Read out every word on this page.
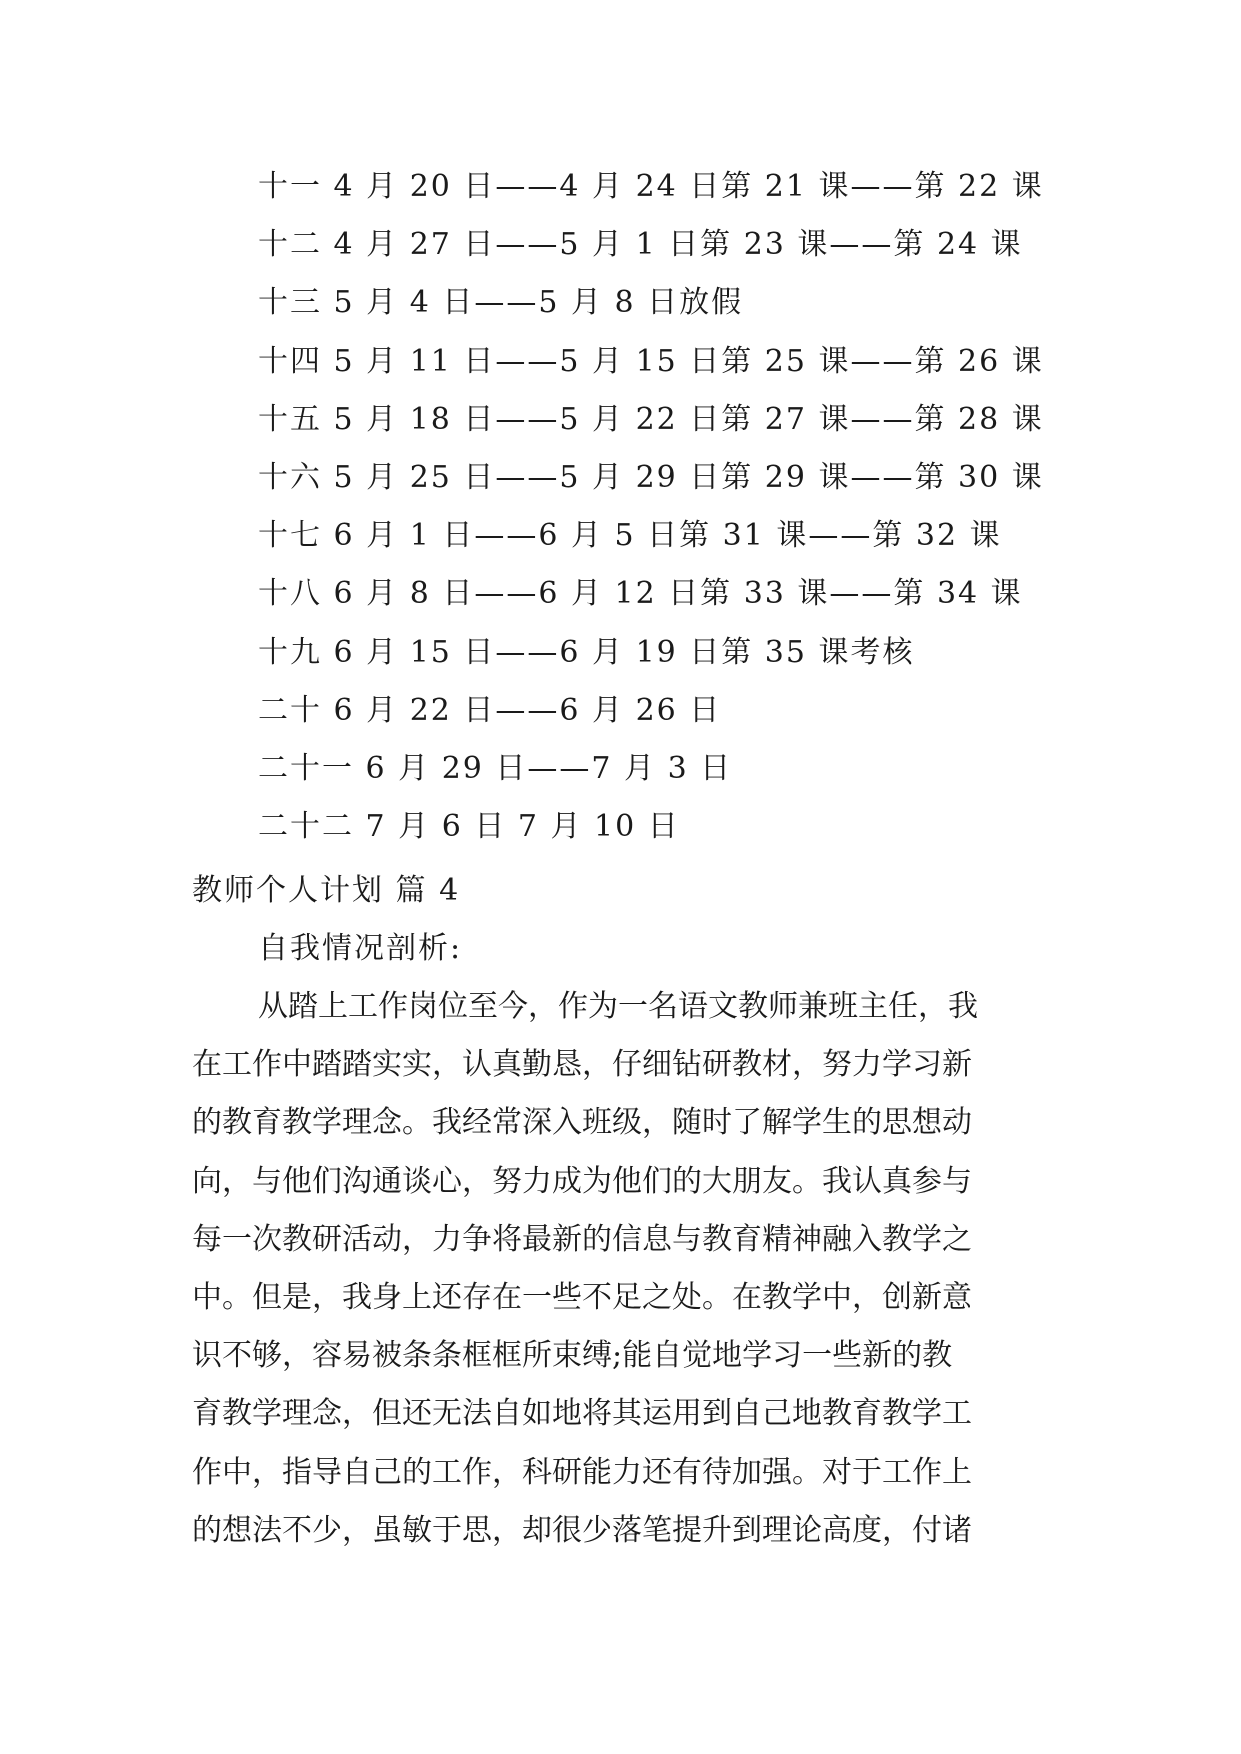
十一 4 月 20 日——4 月 24 日第 21 课——第 22 课
十二 4 月 27 日——5 月 1 日第 23 课——第 24 课
十三 5 月 4 日——5 月 8 日放假
十四 5 月 11 日——5 月 15 日第 25 课——第 26 课
十五 5 月 18 日——5 月 22 日第 27 课——第 28 课
十六 5 月 25 日——5 月 29 日第 29 课——第 30 课
十七 6 月 1 日——6 月 5 日第 31 课——第 32 课
十八 6 月 8 日——6 月 12 日第 33 课——第 34 课
十九 6 月 15 日——6 月 19 日第 35 课考核
二十 6 月 22 日——6 月 26 日
二十一 6 月 29 日——7 月 3 日
二十二 7 月 6 日 7 月 10 日
教师个人计划 篇 4
自我情况剖析:
从踏上工作岗位至今，作为一名语文教师兼班主任，我
在工作中踏踏实实，认真勤恳，仔细钻研教材，努力学习新
的教育教学理念。我经常深入班级，随时了解学生的思想动
向，与他们沟通谈心，努力成为他们的大朋友。我认真参与
每一次教研活动，力争将最新的信息与教育精神融入教学之
中。但是，我身上还存在一些不足之处。在教学中，创新意
识不够，容易被条条框框所束缚;能自觉地学习一些新的教
育教学理念，但还无法自如地将其运用到自己地教育教学工
作中，指导自己的工作，科研能力还有待加强。对于工作上
的想法不少，虽敏于思，却很少落笔提升到理论高度，付诸
